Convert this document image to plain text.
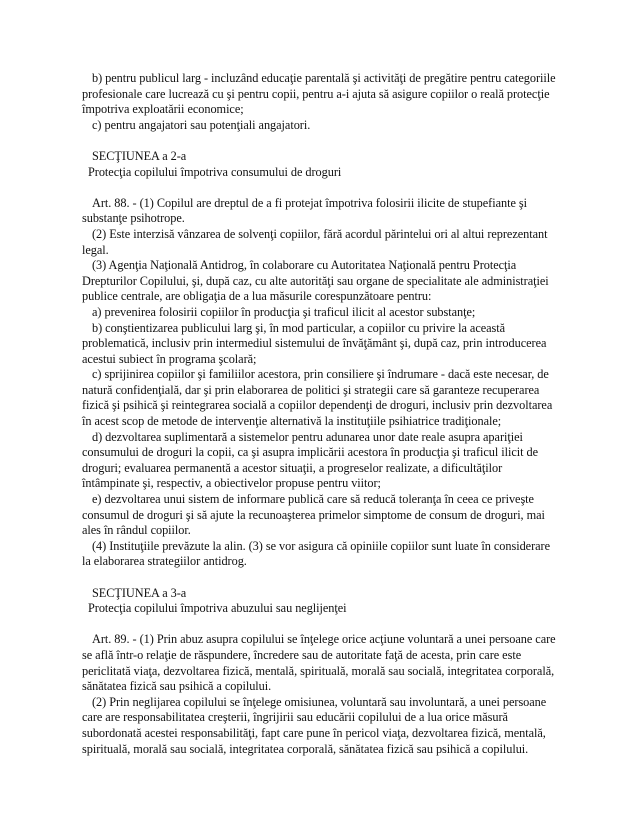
b) pentru publicul larg - incluzând educaţie parentală şi activităţi de pregătire pentru categoriile profesionale care lucrează cu şi pentru copii, pentru a-i ajuta să asigure copiilor o reală protecţie împotriva exploatării economice;

c) pentru angajatori sau potenţiali angajatori.

SECŢIUNEA a 2-a

Protecţia copilului împotriva consumului de droguri

Art. 88. - (1) Copilul are dreptul de a fi protejat împotriva folosirii ilicite de stupefiante şi substanţe psihotrope.

(2) Este interzisă vânzarea de solvenţi copiilor, fără acordul părintelui ori al altui reprezentant legal.

(3) Agenţia Naţională Antidrog, în colaborare cu Autoritatea Naţională pentru Protecţia Drepturilor Copilului, şi, după caz, cu alte autorităţi sau organe de specialitate ale administraţiei publice centrale, are obligaţia de a lua măsurile corespunzătoare pentru:

a) prevenirea folosirii copiilor în producţia şi traficul ilicit al acestor substanţe;

b) conştientizarea publicului larg şi, în mod particular, a copiilor cu privire la această problematică, inclusiv prin intermediul sistemului de învăţământ şi, după caz, prin introducerea acestui subiect în programa şcolară;

c) sprijinirea copiilor şi familiilor acestora, prin consiliere şi îndrumare - dacă este necesar, de natură confidenţială, dar şi prin elaborarea de politici şi strategii care să garanteze recuperarea fizică şi psihică şi reintegrarea socială a copiilor dependenţi de droguri, inclusiv prin dezvoltarea în acest scop de metode de intervenţie alternativă la instituţiile psihiatrice tradiţionale;

d) dezvoltarea suplimentară a sistemelor pentru adunarea unor date reale asupra apariţiei consumului de droguri la copii, ca şi asupra implicării acestora în producţia şi traficul ilicit de droguri; evaluarea permanentă a acestor situaţii, a progreselor realizate, a dificultăţilor întâmpinate şi, respectiv, a obiectivelor propuse pentru viitor;

e) dezvoltarea unui sistem de informare publică care să reducă toleranţa în ceea ce priveşte consumul de droguri şi să ajute la recunoaşterea primelor simptome de consum de droguri, mai ales în rândul copiilor.

(4) Instituţiile prevăzute la alin. (3) se vor asigura că opiniile copiilor sunt luate în considerare la elaborarea strategiilor antidrog.

SECŢIUNEA a 3-a

Protecţia copilului împotriva abuzului sau neglijenţei

Art. 89. - (1) Prin abuz asupra copilului se înţelege orice acţiune voluntară a unei persoane care se află într-o relaţie de răspundere, încredere sau de autoritate faţă de acesta, prin care este periclitată viaţa, dezvoltarea fizică, mentală, spirituală, morală sau socială, integritatea corporală, sănătatea fizică sau psihică a copilului.

(2) Prin neglijarea copilului se înţelege omisiunea, voluntară sau involuntară, a unei persoane care are responsabilitatea creşterii, îngrijirii sau educării copilului de a lua orice măsură subordonată acestei responsabilităţi, fapt care pune în pericol viaţa, dezvoltarea fizică, mentală, spirituală, morală sau socială, integritatea corporală, sănătatea fizică sau psihică a copilului.
